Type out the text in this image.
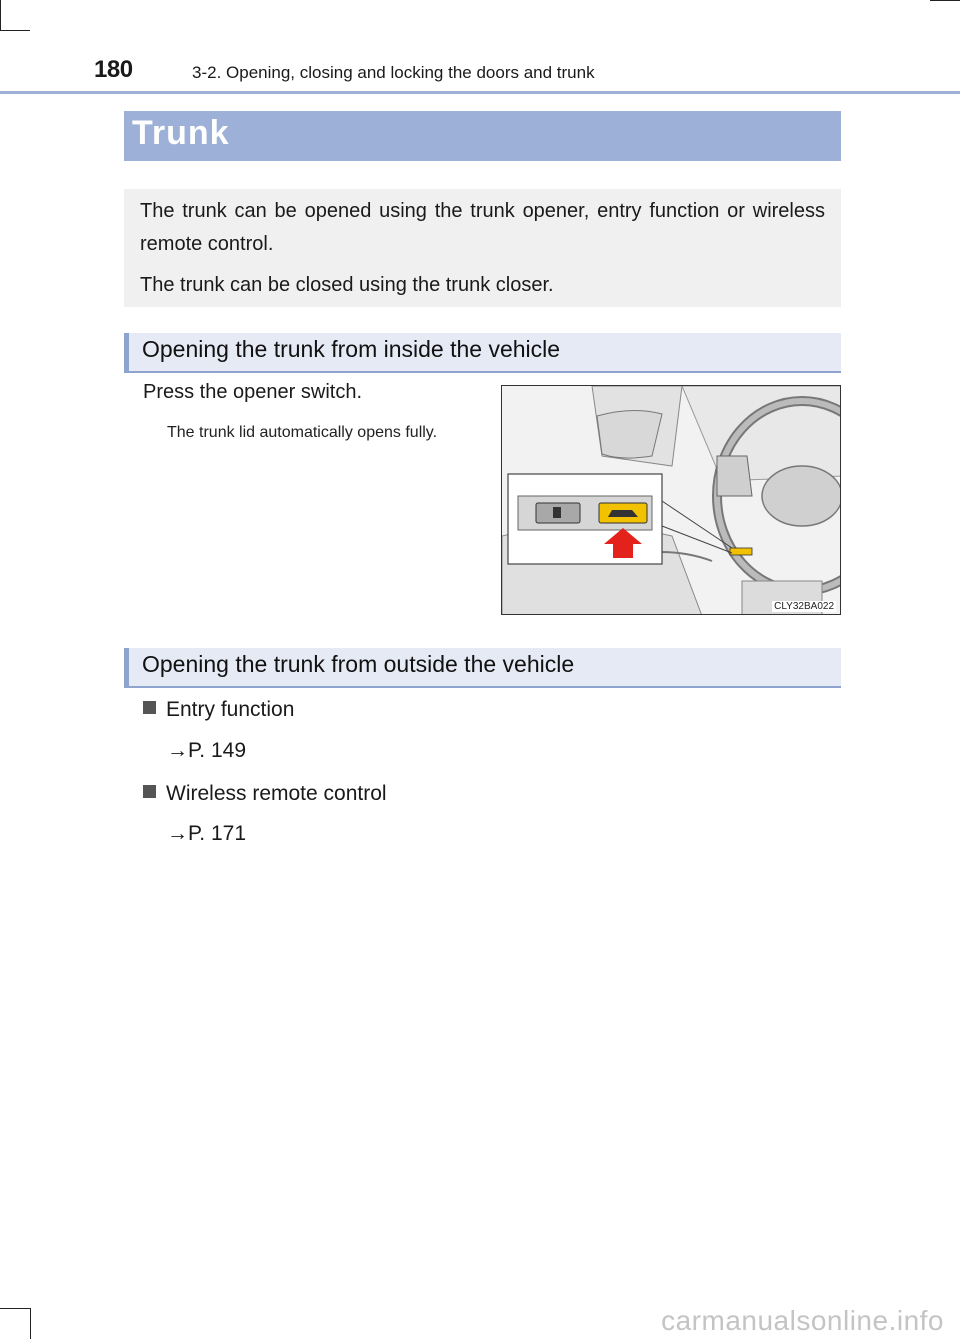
180	3-2. Opening, closing and locking the doors and trunk
Trunk

The trunk can be opened using the trunk opener, entry function or wireless remote control.

The trunk can be closed using the trunk closer.

Opening the trunk from inside the vehicle
Press the opener switch.
The trunk lid automatically opens fully.
CLY32BA022
Opening the trunk from outside the vehicle
Entry function
→P. 149
Wireless remote control
→P. 171
carmanualsonline.info
